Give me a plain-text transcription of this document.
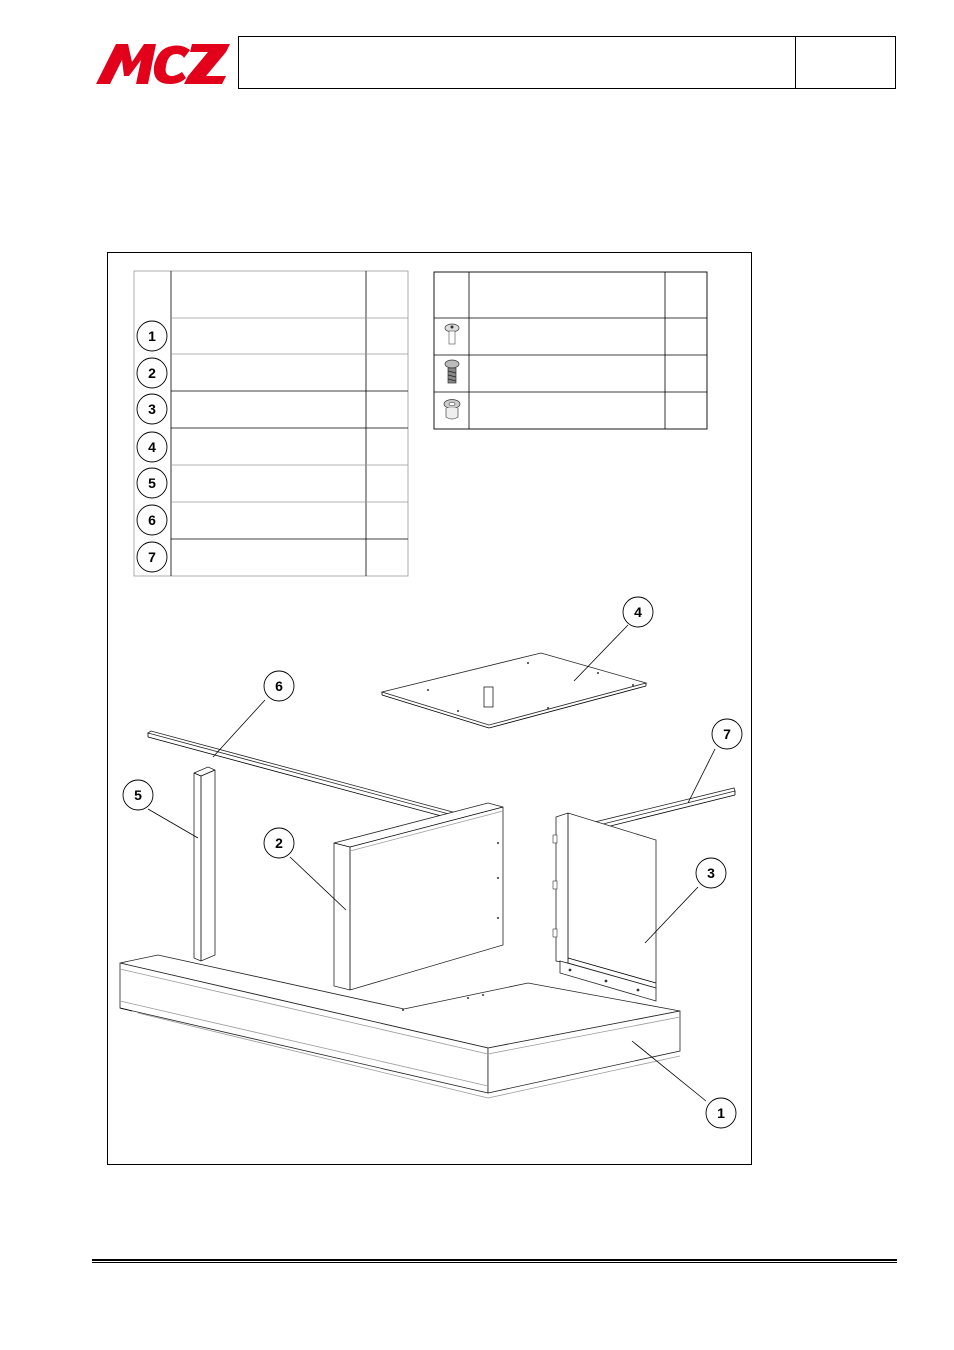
1
2
3
4
5
6
7
4
6
7
5
2
3
1
